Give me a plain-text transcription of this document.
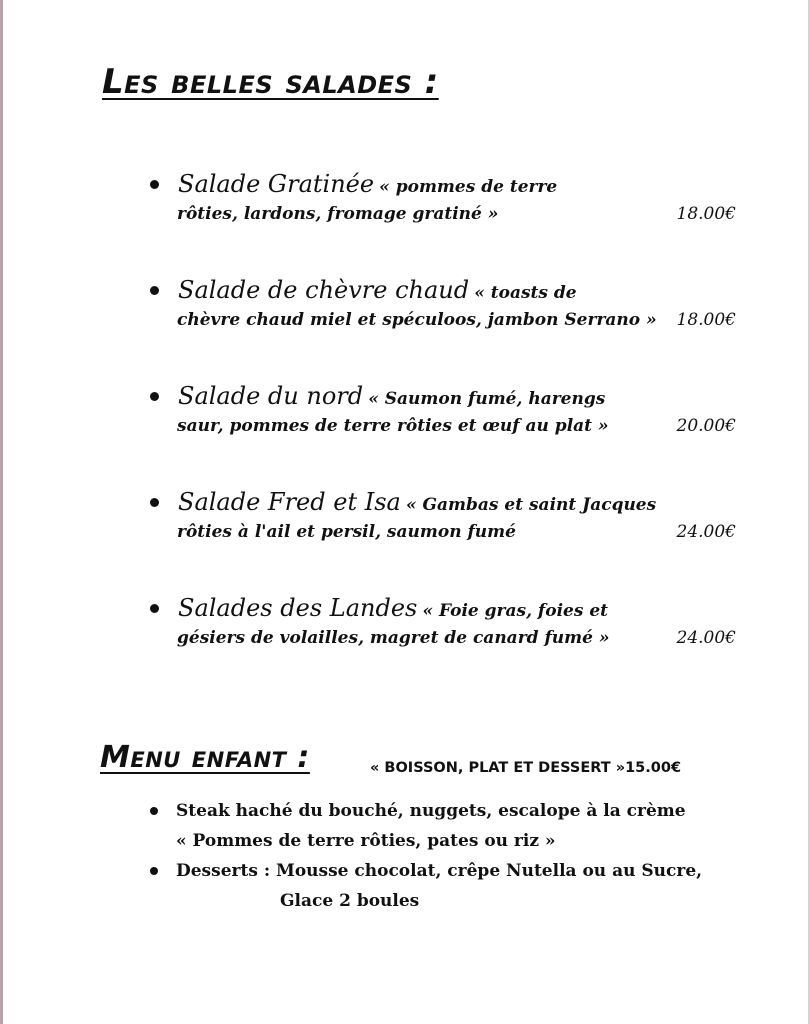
Les belles salades :
Salade Gratinée « pommes de terre
rôties, lardons, fromage gratiné »	18.00€
Salade de chèvre chaud « toasts de
chèvre chaud miel et spéculoos, jambon Serrano » 18.00€
Salade du nord « Saumon fumé, harengs
saur, pommes de terre rôties et œuf au plat »	20.00€
Salade Fred et Isa « Gambas et saint Jacques
rôties à l'ail et persil, saumon fumé	24.00€
Salades des Landes « Foie gras, foies et
gésiers de volailles, magret de canard fumé »	24.00€
Menu enfant :	« BOISSON, PLAT ET DESSERT »15.00€
Steak haché du bouché, nuggets, escalope à la crème
« Pommes de terre rôties, pates ou riz »
Desserts : Mousse chocolat, crêpe Nutella ou au Sucre,
Glace 2 boules
